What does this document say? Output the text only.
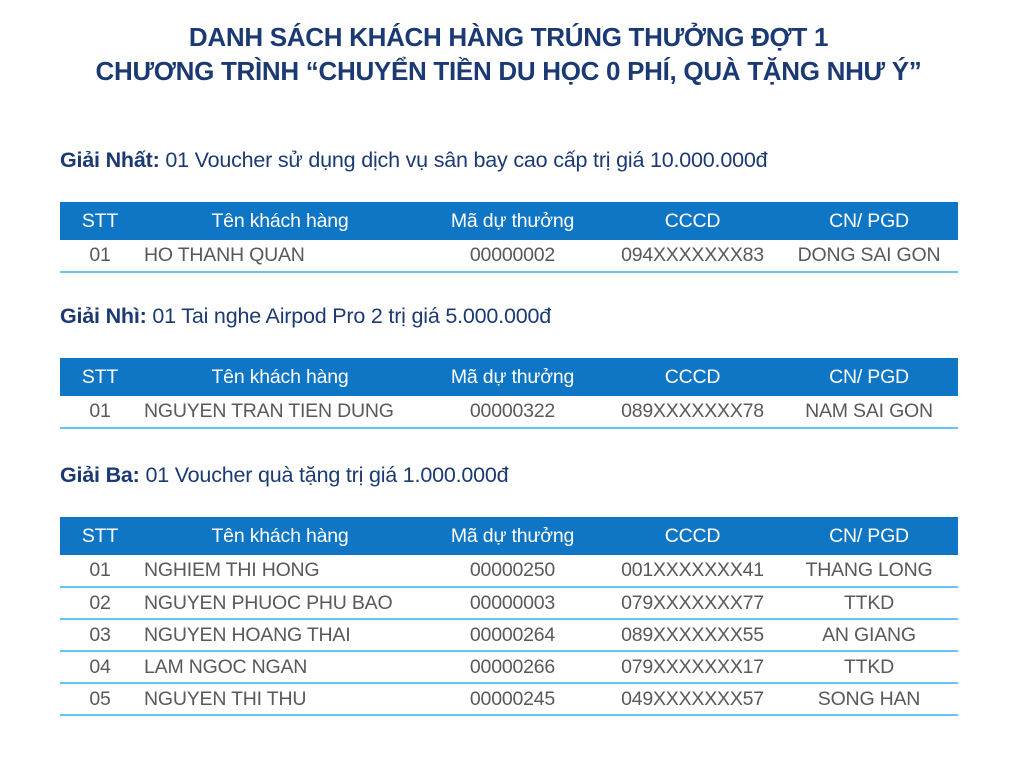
DANH SÁCH KHÁCH HÀNG TRÚNG THƯỞNG ĐỢT 1
CHƯƠNG TRÌNH “CHUYỂN TIỀN DU HỌC 0 PHÍ, QUÀ TẶNG NHƯ Ý”
Giải Nhất: 01 Voucher sử dụng dịch vụ sân bay cao cấp trị giá 10.000.000đ
STT	Tên khách hàng	Mã dự thưởng	CCCD	CN/ PGD
01	HO THANH QUAN	00000002	094XXXXXXX83	DONG SAI GON
Giải Nhì: 01 Tai nghe Airpod Pro 2 trị giá 5.000.000đ
STT	Tên khách hàng	Mã dự thưởng	CCCD	CN/ PGD
01	NGUYEN TRAN TIEN DUNG	00000322	089XXXXXXX78	NAM SAI GON
Giải Ba: 01 Voucher quà tặng trị giá 1.000.000đ
STT	Tên khách hàng	Mã dự thưởng	CCCD	CN/ PGD
01	NGHIEM THI HONG	00000250	001XXXXXXX41	THANG LONG
02	NGUYEN PHUOC PHU BAO	00000003	079XXXXXXX77	TTKD
03	NGUYEN HOANG THAI	00000264	089XXXXXXX55	AN GIANG
04	LAM NGOC NGAN	00000266	079XXXXXXX17	TTKD
05	NGUYEN THI THU	00000245	049XXXXXXX57	SONG HAN
